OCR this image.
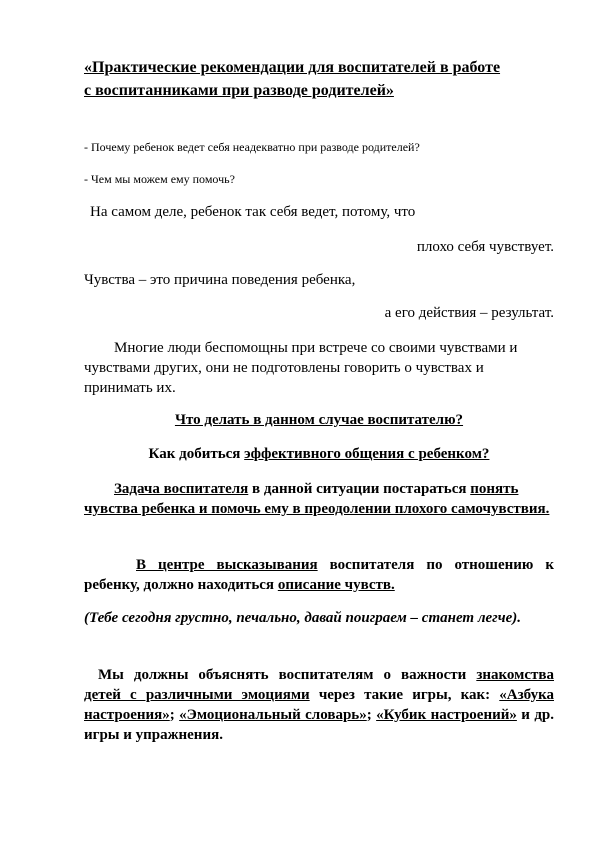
«Практические рекомендации для воспитателей в работе
с воспитанниками при разводе родителей»

- Почему ребенок ведет себя неадекватно при разводе родителей?

- Чем мы можем ему помочь?

На самом деле, ребенок так себя ведет, потому, что

плохо себя чувствует.

Чувства – это причина поведения ребенка,

а его действия – результат.

Многие люди беспомощны при встрече со своими чувствами и чувствами других, они не подготовлены говорить о чувствах и принимать их.

Что делать в данном случае воспитателю?

Как добиться эффективного общения с ребенком?

Задача воспитателя в данной ситуации постараться понять чувства ребенка и помочь ему в преодолении плохого самочувствия.

В центре высказывания воспитателя по отношению к ребенку, должно находиться описание чувств.

(Тебе сегодня грустно, печально, давай поиграем – станет легче).

Мы должны объяснять воспитателям о важности знакомства детей с различными эмоциями через такие игры, как: «Азбука настроения»; «Эмоциональный словарь»; «Кубик настроений» и др. игры и упражнения.
